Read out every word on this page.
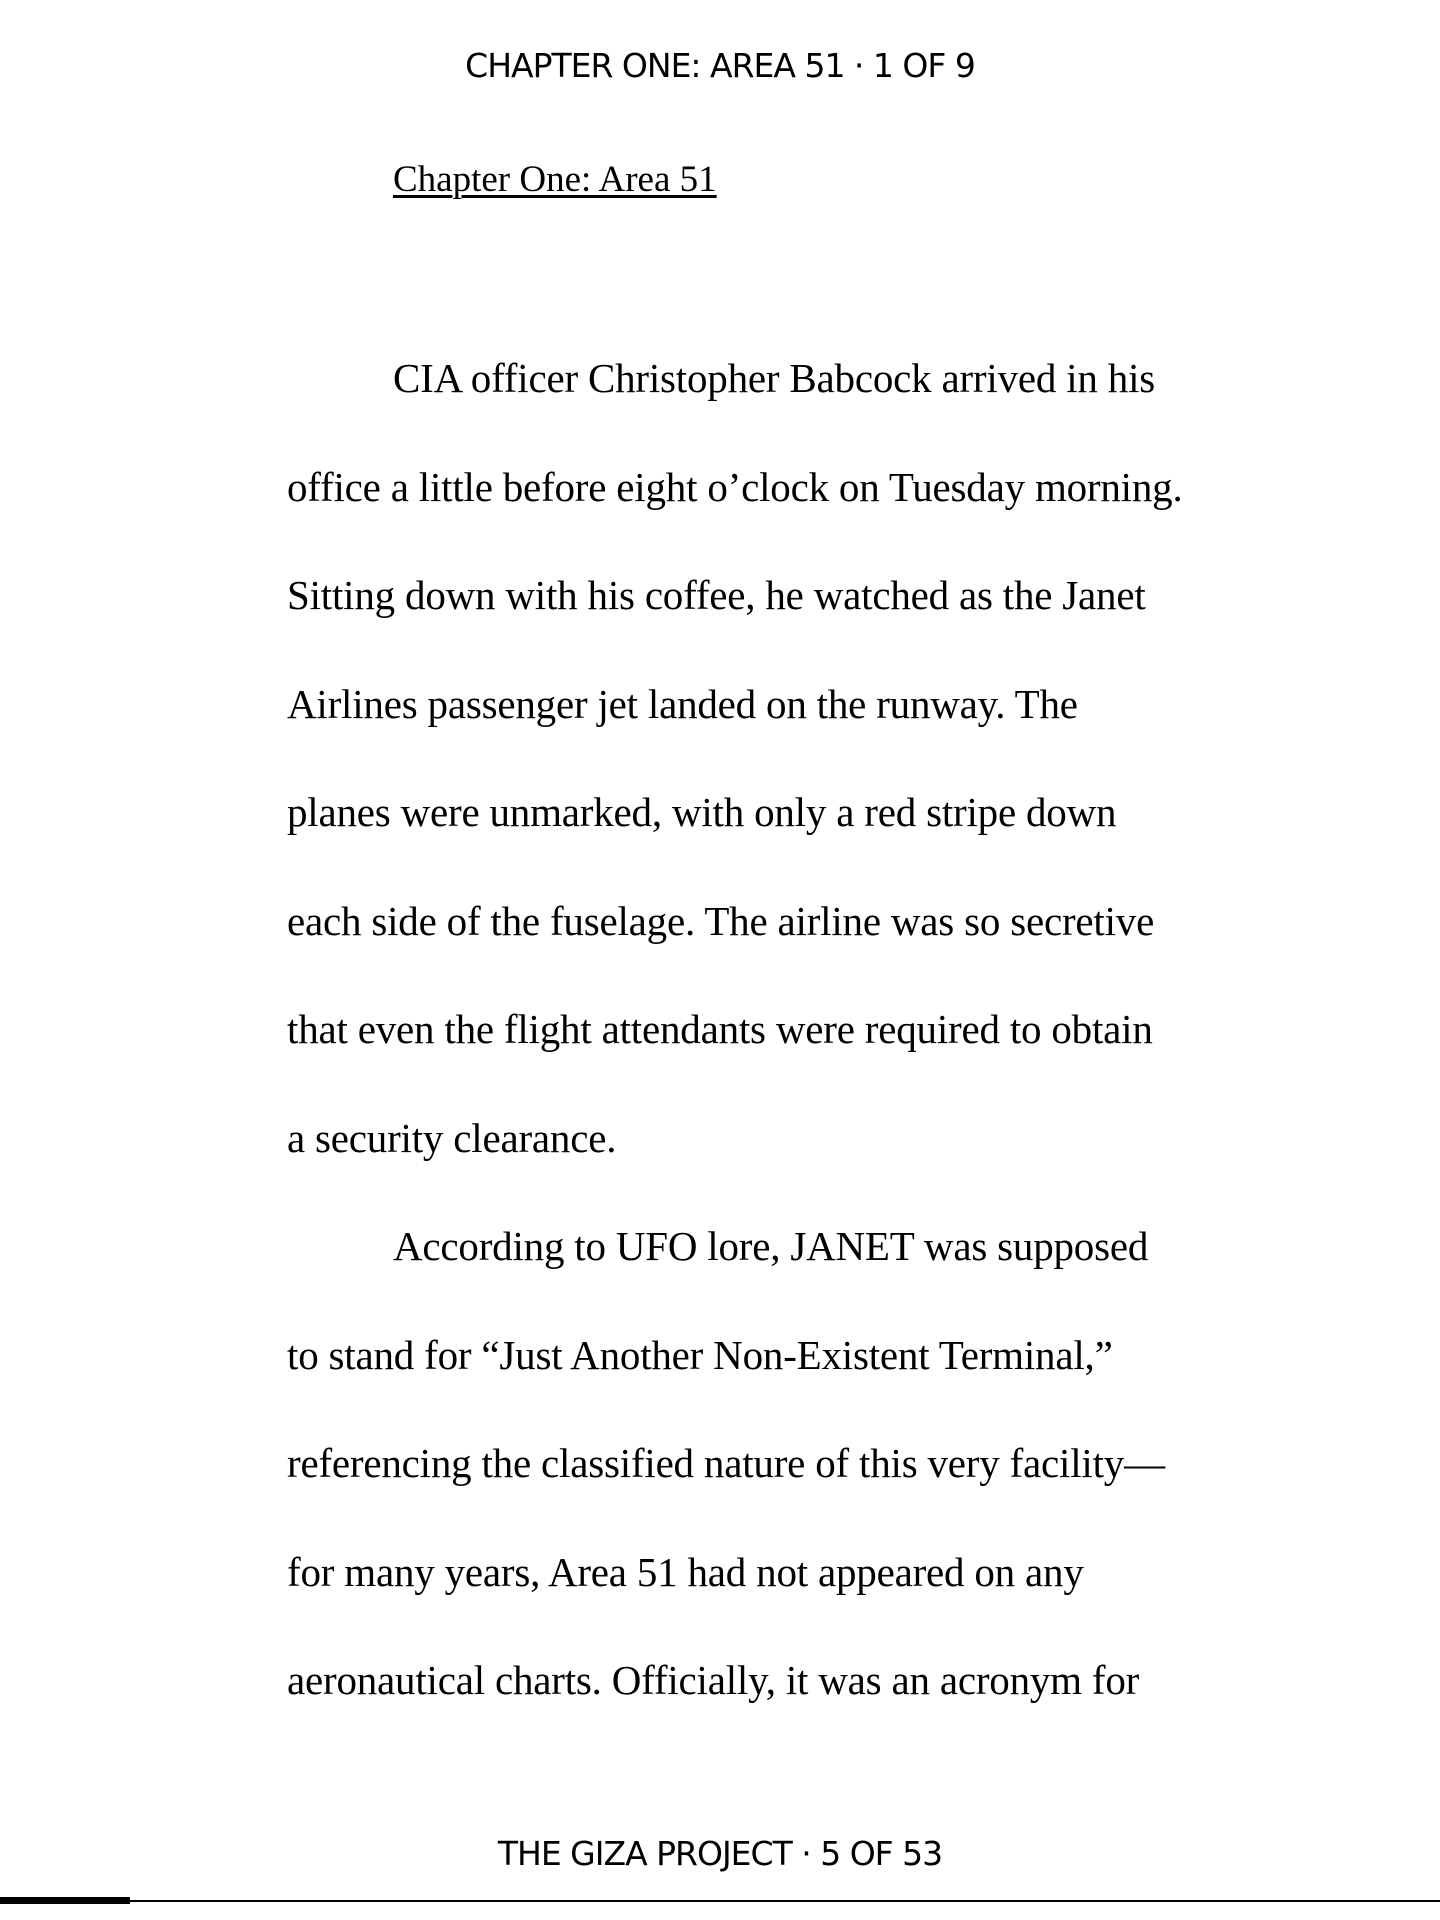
CHAPTER ONE: AREA 51 · 1 OF 9
Chapter One: Area 51
CIA officer Christopher Babcock arrived in his
office a little before eight o’clock on Tuesday morning.
Sitting down with his coffee, he watched as the Janet
Airlines passenger jet landed on the runway. The
planes were unmarked, with only a red stripe down
each side of the fuselage. The airline was so secretive
that even the flight attendants were required to obtain
a security clearance.
According to UFO lore, JANET was supposed
to stand for “Just Another Non-Existent Terminal,”
referencing the classified nature of this very facility—
for many years, Area 51 had not appeared on any
aeronautical charts. Officially, it was an acronym for
THE GIZA PROJECT · 5 OF 53
